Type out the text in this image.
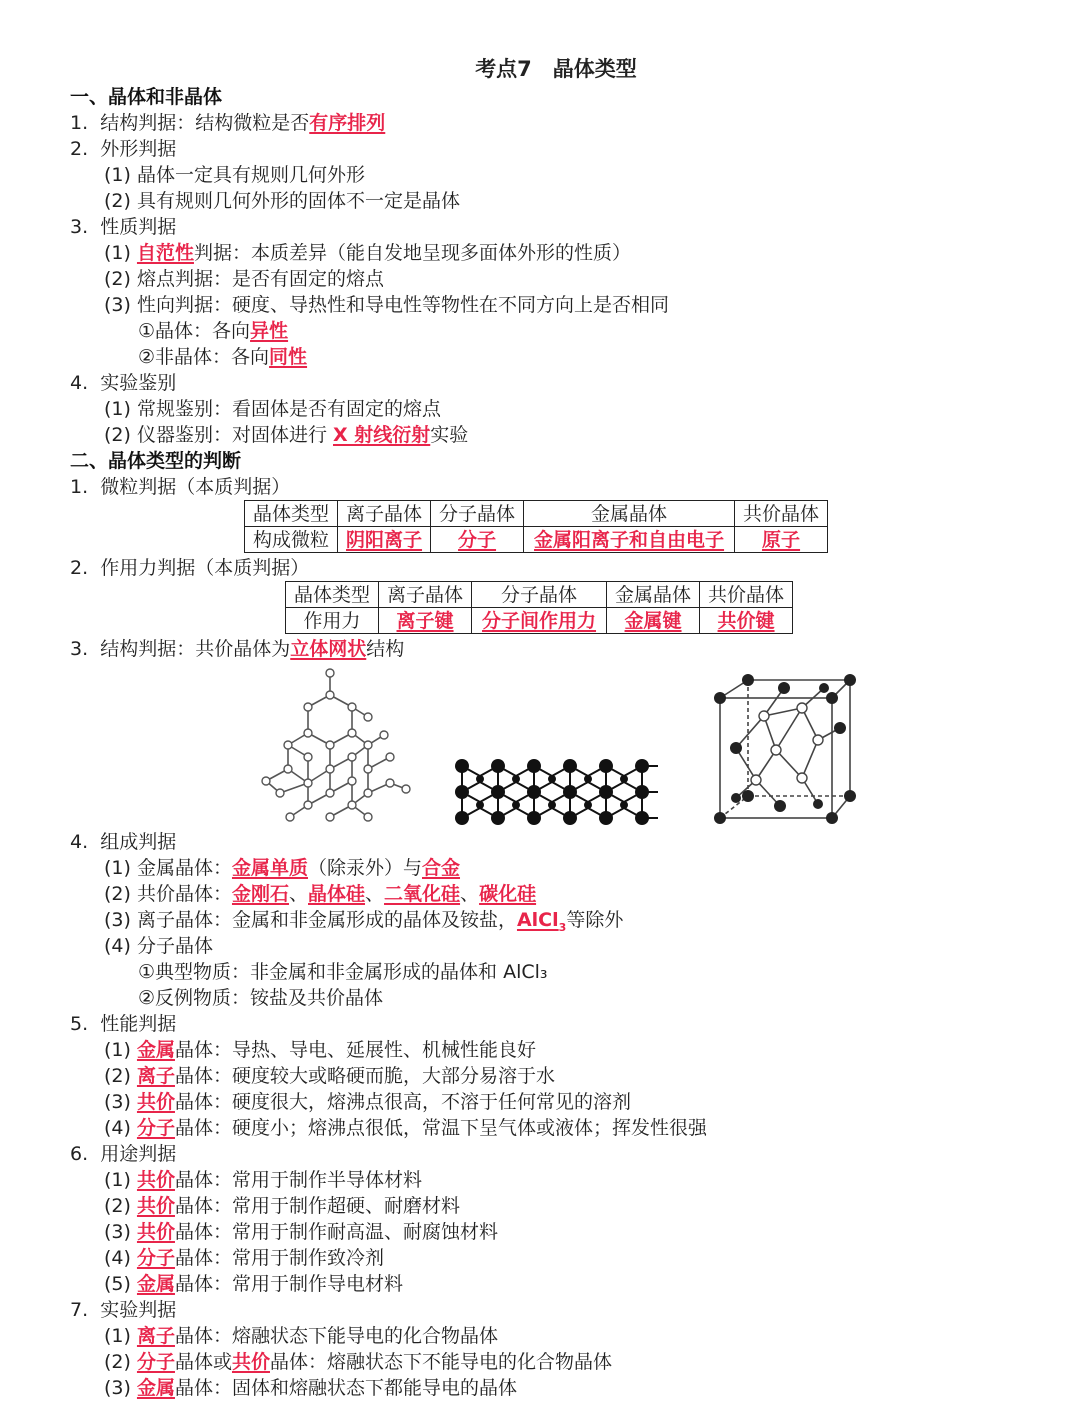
考点7　晶体类型
一、晶体和非晶体
1. 结构判据：结构微粒是否有序排列
2. 外形判据
(1) 晶体一定具有规则几何外形
(2) 具有规则几何外形的固体不一定是晶体
3. 性质判据
(1) 自范性判据：本质差异（能自发地呈现多面体外形的性质）
(2) 熔点判据：是否有固定的熔点
(3) 性向判据：硬度、导热性和导电性等物性在不同方向上是否相同
①晶体：各向异性
②非晶体：各向同性
4. 实验鉴别
(1) 常规鉴别：看固体是否有固定的熔点
(2) 仪器鉴别：对固体进行 X 射线衍射实验
二、晶体类型的判断
1. 微粒判据（本质判据）
晶体类型	离子晶体	分子晶体	金属晶体	共价晶体
构成微粒	阴阳离子	分子	金属阳离子和自由电子	原子
2. 作用力判据（本质判据）
晶体类型	离子晶体	分子晶体	金属晶体	共价晶体
作用力	离子键	分子间作用力	金属键	共价键
3. 结构判据：共价晶体为立体网状结构
4. 组成判据
(1) 金属晶体：金属单质（除汞外）与合金
(2) 共价晶体：金刚石、晶体硅、二氧化硅、碳化硅
(3) 离子晶体：金属和非金属形成的晶体及铵盐，AlCl$_3$等除外
(4) 分子晶体
①典型物质：非金属和非金属形成的晶体和 AlCl₃
②反例物质：铵盐及共价晶体
5. 性能判据
(1) 金属晶体：导热、导电、延展性、机械性能良好
(2) 离子晶体：硬度较大或略硬而脆，大部分易溶于水
(3) 共价晶体：硬度很大，熔沸点很高，不溶于任何常见的溶剂
(4) 分子晶体：硬度小；熔沸点很低，常温下呈气体或液体；挥发性很强
6. 用途判据
(1) 共价晶体：常用于制作半导体材料
(2) 共价晶体：常用于制作超硬、耐磨材料
(3) 共价晶体：常用于制作耐高温、耐腐蚀材料
(4) 分子晶体：常用于制作致冷剂
(5) 金属晶体：常用于制作导电材料
7. 实验判据
(1) 离子晶体：熔融状态下能导电的化合物晶体
(2) 分子晶体或共价晶体：熔融状态下不能导电的化合物晶体
(3) 金属晶体：固体和熔融状态下都能导电的晶体
